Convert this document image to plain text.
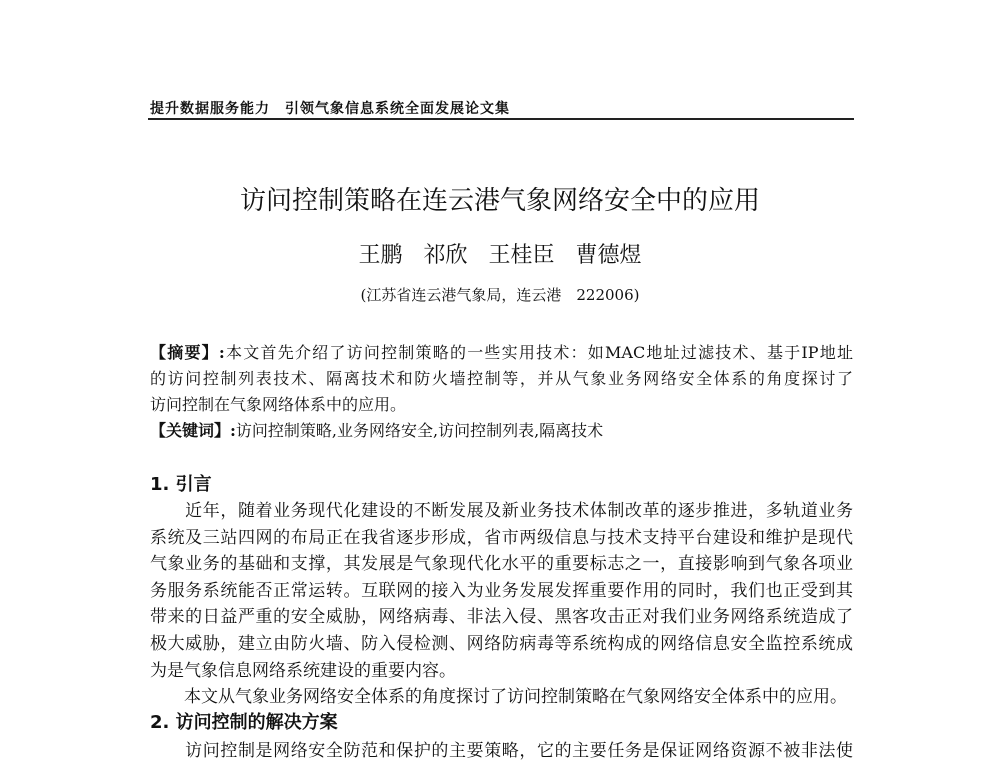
提升数据服务能力　引领气象信息系统全面发展论文集
访问控制策略在连云港气象网络安全中的应用
王鹏 祁欣 王桂臣 曹德煜
(江苏省连云港气象局，连云港　222006)
【摘要】:本文首先介绍了访问控制策略的一些实用技术：如MAC地址过滤技术、基于IP地址
的访问控制列表技术、隔离技术和防火墙控制等，并从气象业务网络安全体系的角度探讨了
访问控制在气象网络体系中的应用。
【关键词】:访问控制策略,业务网络安全,访问控制列表,隔离技术
1. 引言
　　近年，随着业务现代化建设的不断发展及新业务技术体制改革的逐步推进，多轨道业务
系统及三站四网的布局正在我省逐步形成，省市两级信息与技术支持平台建设和维护是现代
气象业务的基础和支撑，其发展是气象现代化水平的重要标志之一，直接影响到气象各项业
务服务系统能否正常运转。互联网的接入为业务发展发挥重要作用的同时，我们也正受到其
带来的日益严重的安全威胁，网络病毒、非法入侵、黑客攻击正对我们业务网络系统造成了
极大威胁，建立由防火墙、防入侵检测、网络防病毒等系统构成的网络信息安全监控系统成
为是气象信息网络系统建设的重要内容。
　　本文从气象业务网络安全体系的角度探讨了访问控制策略在气象网络安全体系中的应用。
2. 访问控制的解决方案
　　访问控制是网络安全防范和保护的主要策略，它的主要任务是保证网络资源不被非法使
